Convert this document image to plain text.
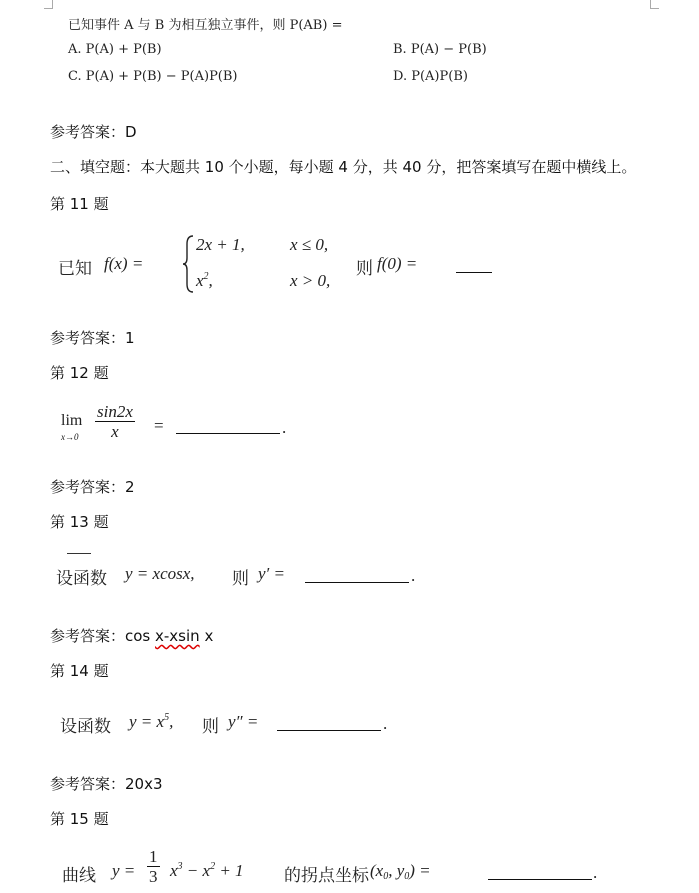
已知事件 A 与 B 为相互独立事件，则 P(AB) =
A. P(A) + P(B)	B. P(A) − P(B)
C. P(A) + P(B) − P(A)P(B)	D. P(A)P(B)
参考答案：D
二、填空题：本大题共 10 个小题，每小题 4 分，共 40 分，把答案填写在题中横线上。
第 11 题
已知 f(x) =
2x + 1,	x ≤ 0,
$x^2$,	x > 0,
则 f(0) =
参考答案：1
第 12 题
lim
$x\to 0 \frac{\sin 2x}{x}$ =	.
参考答案：2
第 13 题
设函数 y = xcosx, 则 y′ =	.
参考答案：cos x-xsin x
第 14 题
设函数 $y = x^5$, 则 y″ =	.
参考答案：20x3
第 15 题
曲线 $y = \frac{1}{3} x^3 - x^2 + 1$ 的拐点坐标 (x0, y0) =	.
